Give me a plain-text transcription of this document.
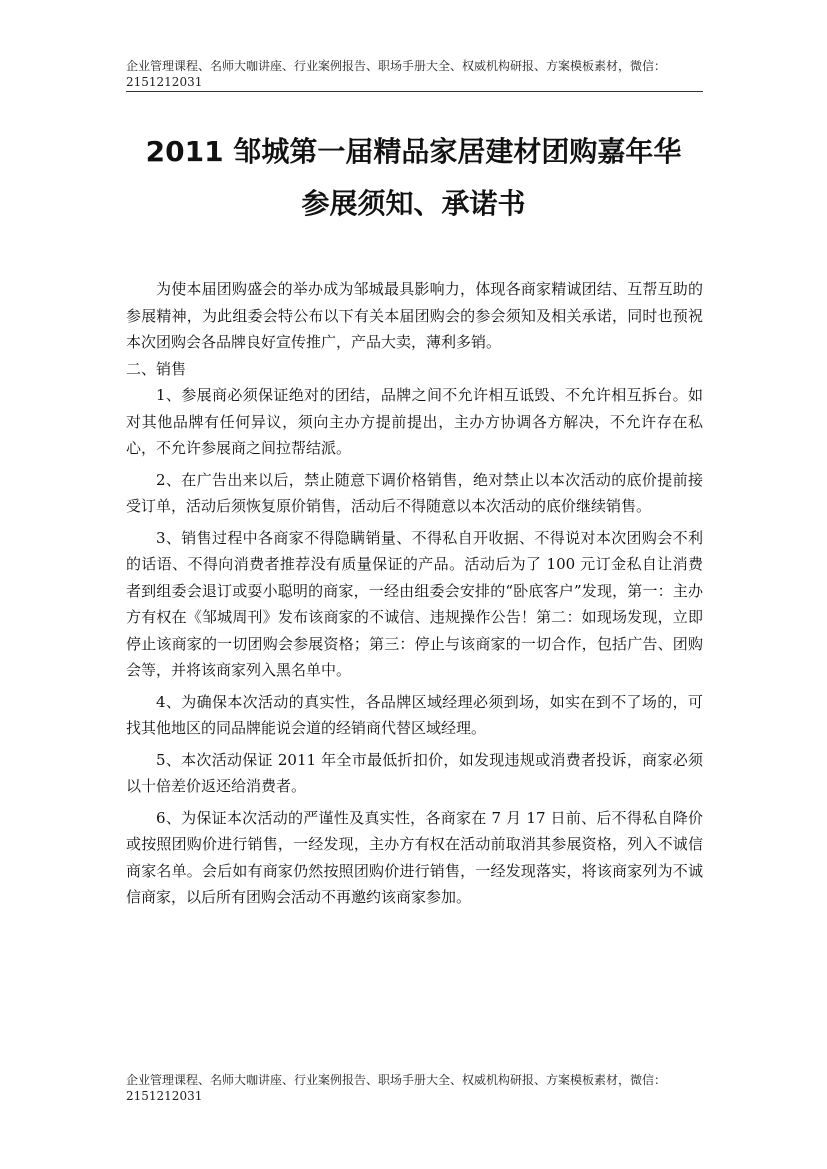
企业管理课程、名师大咖讲座、行业案例报告、职场手册大全、权威机构研报、方案模板素材，微信：2151212031
2011 邹城第一届精品家居建材团购嘉年华
参展须知、承诺书

为使本届团购盛会的举办成为邹城最具影响力，体现各商家精诚团结、互帮互助的参展精神，为此组委会特公布以下有关本届团购会的参会须知及相关承诺，同时也预祝本次团购会各品牌良好宣传推广，产品大卖，薄利多销。

二、销售

1、参展商必须保证绝对的团结，品牌之间不允许相互诋毁、不允许相互拆台。如对其他品牌有任何异议，须向主办方提前提出，主办方协调各方解决，不允许存在私心，不允许参展商之间拉帮结派。

2、在广告出来以后，禁止随意下调价格销售，绝对禁止以本次活动的底价提前接受订单，活动后须恢复原价销售，活动后不得随意以本次活动的底价继续销售。

3、销售过程中各商家不得隐瞒销量、不得私自开收据、不得说对本次团购会不利的话语、不得向消费者推荐没有质量保证的产品。活动后为了 100 元订金私自让消费者到组委会退订或耍小聪明的商家，一经由组委会安排的“卧底客户”发现，第一：主办方有权在《邹城周刊》发布该商家的不诚信、违规操作公告！第二：如现场发现，立即停止该商家的一切团购会参展资格；第三：停止与该商家的一切合作，包括广告、团购会等，并将该商家列入黑名单中。

4、为确保本次活动的真实性，各品牌区域经理必须到场，如实在到不了场的，可找其他地区的同品牌能说会道的经销商代替区域经理。

5、本次活动保证 2011 年全市最低折扣价，如发现违规或消费者投诉，商家必须以十倍差价返还给消费者。

6、为保证本次活动的严谨性及真实性，各商家在 7 月 17 日前、后不得私自降价或按照团购价进行销售，一经发现，主办方有权在活动前取消其参展资格，列入不诚信商家名单。会后如有商家仍然按照团购价进行销售，一经发现落实，将该商家列为不诚信商家，以后所有团购会活动不再邀约该商家参加。

企业管理课程、名师大咖讲座、行业案例报告、职场手册大全、权威机构研报、方案模板素材，微信：2151212031
